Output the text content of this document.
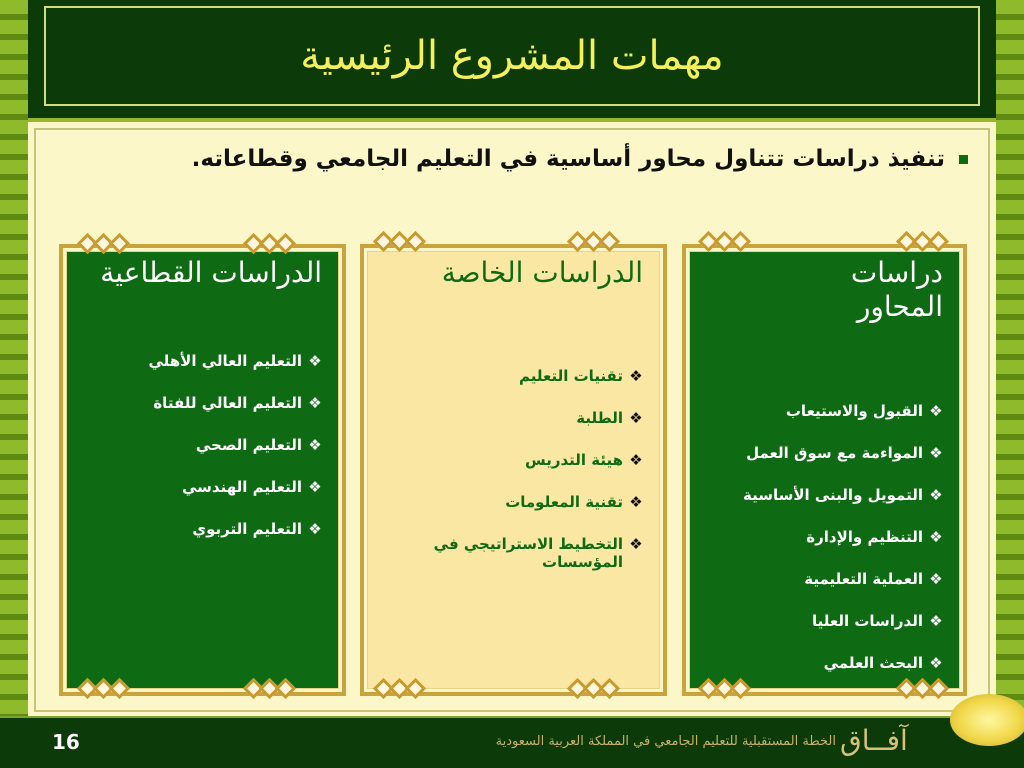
مهمات المشروع الرئيسية
تنفيذ دراسات تتناول محاور أساسية في التعليم الجامعي وقطاعاته.
دراسات
المحاور
❖
القبول والاستيعاب
❖
المواءمة مع سوق العمل
❖
التمويل والبنى الأساسية
❖
التنظيم والإدارة
❖
العملية التعليمية
❖
الدراسات العليا
❖
البحث العلمي
الدراسات الخاصة
❖
تقنيات التعليم
❖
الطلبة
❖
هيئة التدريس
❖
تقنية المعلومات
❖
التخطيط الاستراتيجي في المؤسسات
الدراسات القطاعية
❖
التعليم العالي الأهلي
❖
التعليم العالي للفتاة
❖
التعليم الصحي
❖
التعليم الهندسي
❖
التعليم التربوي
16	الخطة المستقبلية للتعليم الجامعي في المملكة العربية السعودية آفــاق
